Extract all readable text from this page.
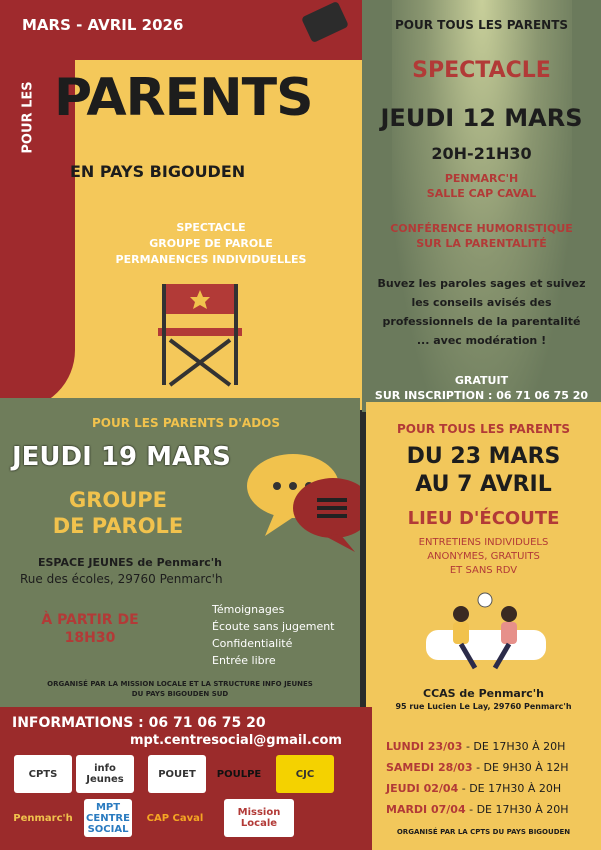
MARS - AVRIL 2026
POUR LES PARENTS
EN PAYS BIGOUDEN
SPECTACLE
GROUPE DE PAROLE
PERMANENCES INDIVIDUELLES
POUR TOUS LES PARENTS
SPECTACLE
JEUDI 12 MARS
20H-21H30
PENMARC'H
SALLE CAP CAVAL
CONFÉRENCE HUMORISTIQUE
SUR LA PARENTALITÉ
Buvez les paroles sages et suivez
les conseils avisés des
professionnels de la parentalité
... avec modération !
GRATUIT
SUR INSCRIPTION : 06 71 06 75 20
POUR LES PARENTS D'ADOS
JEUDI 19 MARS
GROUPE
DE PAROLE
ESPACE JEUNES de Penmarc'h
Rue des écoles, 29760 Penmarc'h
À PARTIR DE
18H30
Témoignages
Écoute sans jugement
Confidentialité
Entrée libre
ORGANISÉ PAR LA MISSION LOCALE ET LA STRUCTURE INFO JEUNES
DU PAYS BIGOUDEN SUD
POUR TOUS LES PARENTS
DU 23 MARS
AU 7 AVRIL
LIEU D'ÉCOUTE
ENTRETIENS INDIVIDUELS
ANONYMES, GRATUITS
ET SANS RDV
CCAS de Penmarc'h
95 rue Lucien Le Lay, 29760 Penmarc'h
LUNDI 23/03 - DE 17H30 À 20H
SAMEDI 28/03 - DE 9H30 À 12H
JEUDI 02/04 - DE 17H30 À 20H
MARDI 07/04 - DE 17H30 À 20H
ORGANISÉ PAR LA CPTS DU PAYS BIGOUDEN
INFORMATIONS : 06 71 06 75 20
mpt.centresocial@gmail.com
CPTS	info Jeunes	POUET	POULPE	CJC
Penmarc'h
MPT CENTRE SOCIAL
CAP Caval	Mission Locale
